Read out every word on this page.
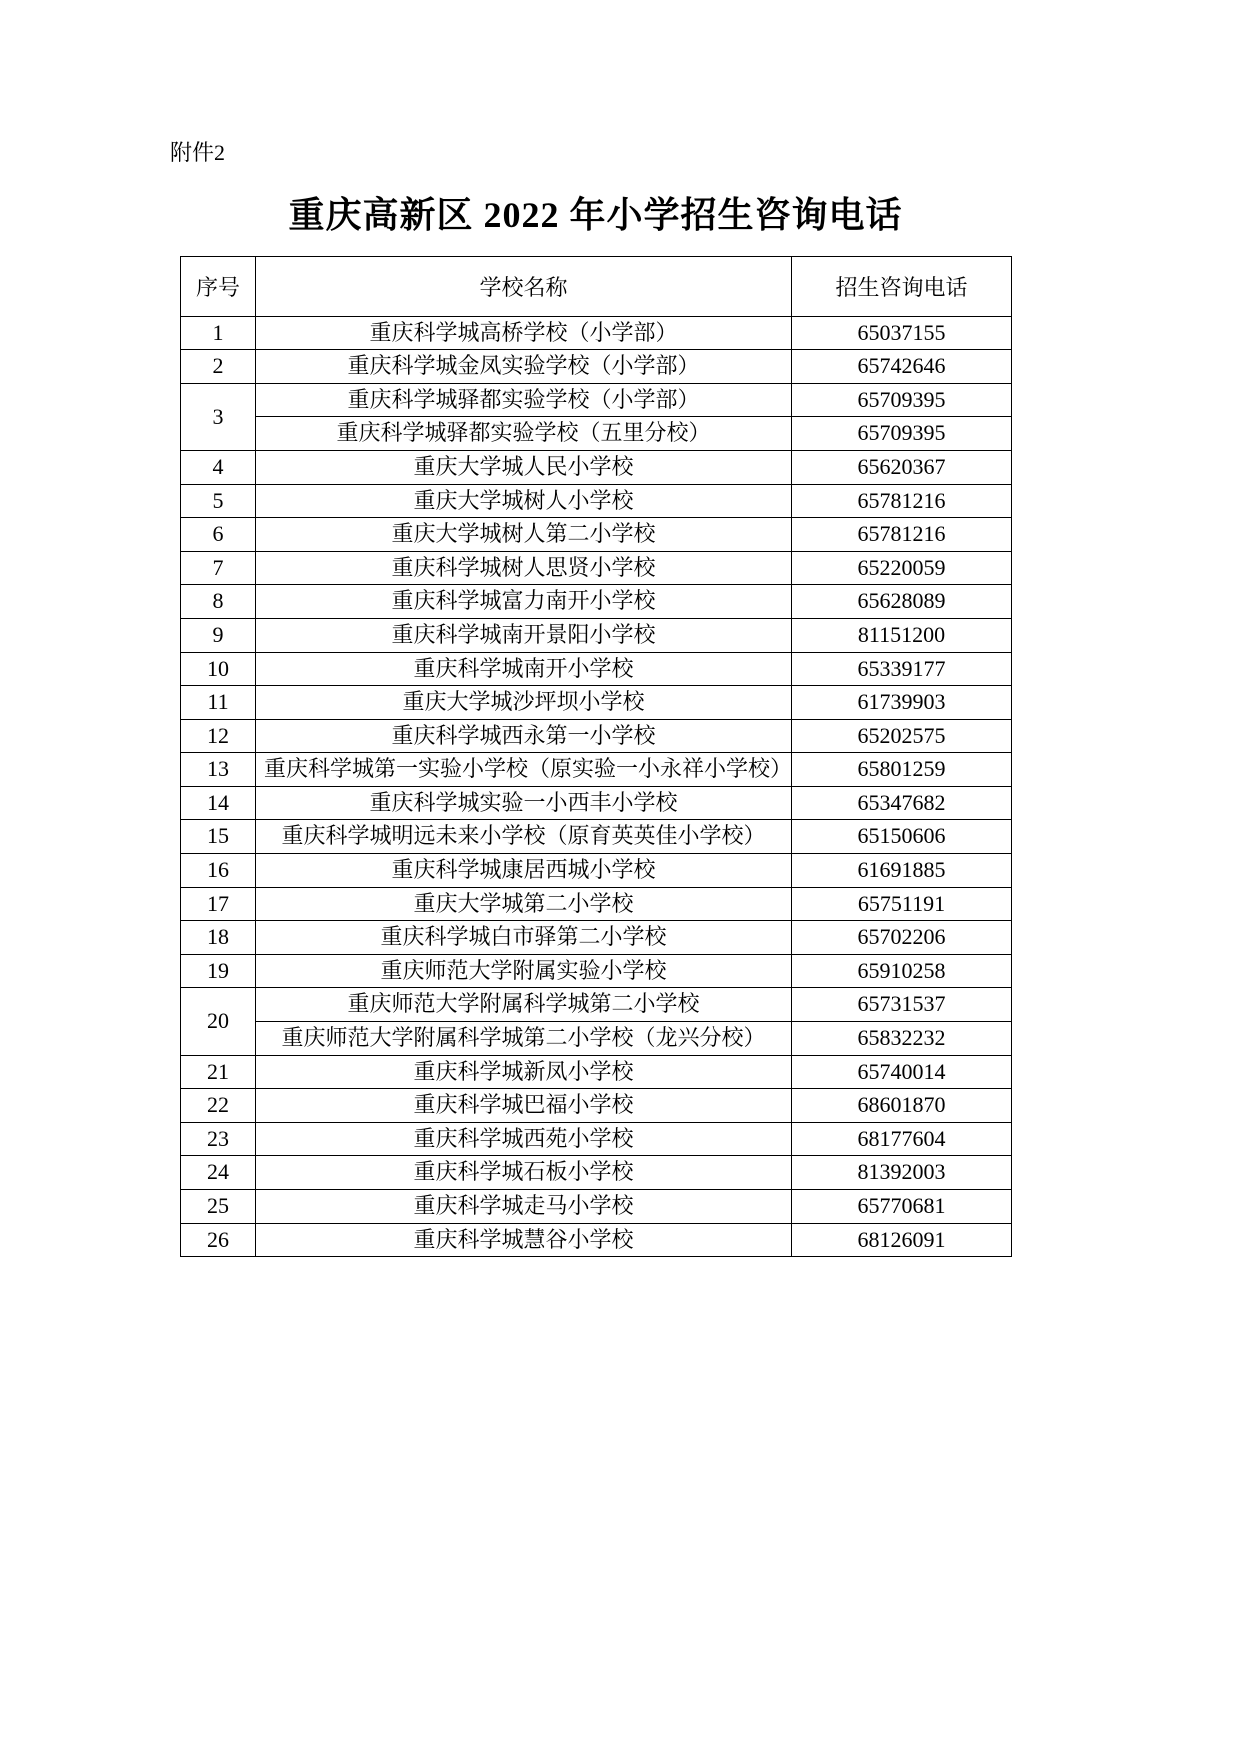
附件2
重庆高新区 2022 年小学招生咨询电话
序号	学校名称	招生咨询电话
1	重庆科学城高桥学校（小学部）	65037155
2	重庆科学城金凤实验学校（小学部）	65742646
3	重庆科学城驿都实验学校（小学部）	65709395
	重庆科学城驿都实验学校（五里分校）	65709395
4	重庆大学城人民小学校	65620367
5	重庆大学城树人小学校	65781216
6	重庆大学城树人第二小学校	65781216
7	重庆科学城树人思贤小学校	65220059
8	重庆科学城富力南开小学校	65628089
9	重庆科学城南开景阳小学校	81151200
10	重庆科学城南开小学校	65339177
11	重庆大学城沙坪坝小学校	61739903
12	重庆科学城西永第一小学校	65202575
13	重庆科学城第一实验小学校（原实验一小永祥小学校）	65801259
14	重庆科学城实验一小西丰小学校	65347682
15	重庆科学城明远未来小学校（原育英英佳小学校）	65150606
16	重庆科学城康居西城小学校	61691885
17	重庆大学城第二小学校	65751191
18	重庆科学城白市驿第二小学校	65702206
19	重庆师范大学附属实验小学校	65910258
20	重庆师范大学附属科学城第二小学校	65731537
	重庆师范大学附属科学城第二小学校（龙兴分校）	65832232
21	重庆科学城新凤小学校	65740014
22	重庆科学城巴福小学校	68601870
23	重庆科学城西苑小学校	68177604
24	重庆科学城石板小学校	81392003
25	重庆科学城走马小学校	65770681
26	重庆科学城慧谷小学校	68126091
